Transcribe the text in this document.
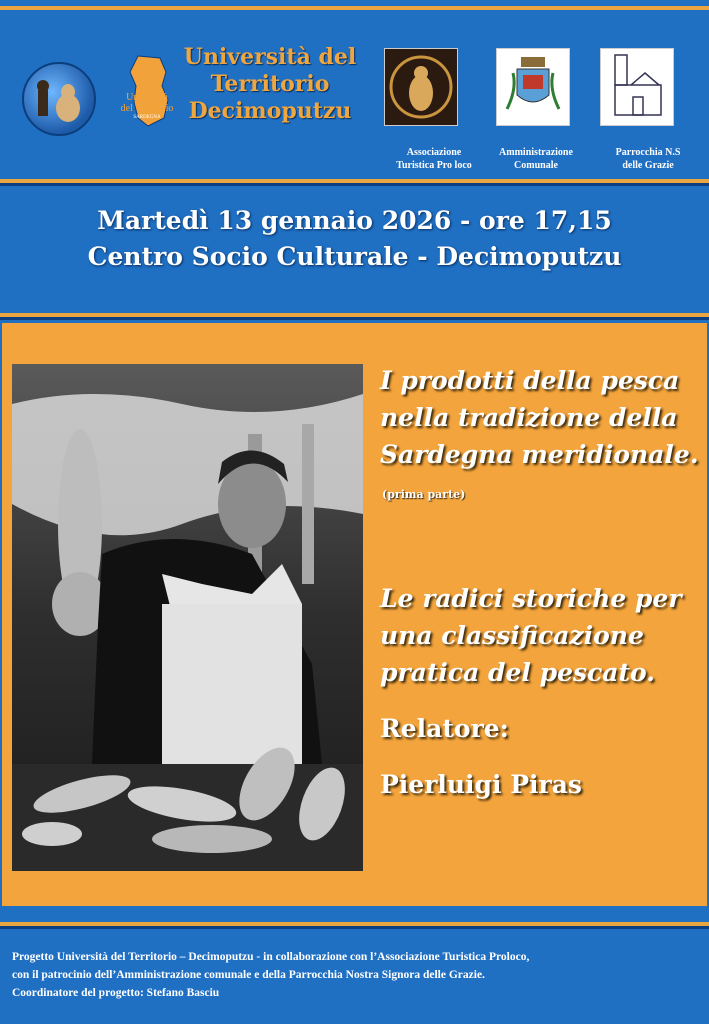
Università
del Territorio
SARDEGNA
Università del
Territorio
Decimoputzu
Associazione
Turistica Pro loco
Amministrazione
Comunale
Parrocchia N.S
delle Grazie
Martedì 13 gennaio 2026 - ore 17,15
Centro Socio Culturale - Decimoputzu
I prodotti della pesca
nella tradizione della
Sardegna meridionale.
(prima parte)
Le radici storiche per
una classificazione
pratica del pescato.
Relatore:
Pierluigi Piras
Progetto Università del Territorio – Decimoputzu - in collaborazione con l’Associazione Turistica Proloco,
con il patrocinio dell’Amministrazione comunale e della Parrocchia Nostra Signora delle Grazie.
Coordinatore del progetto: Stefano Basciu
